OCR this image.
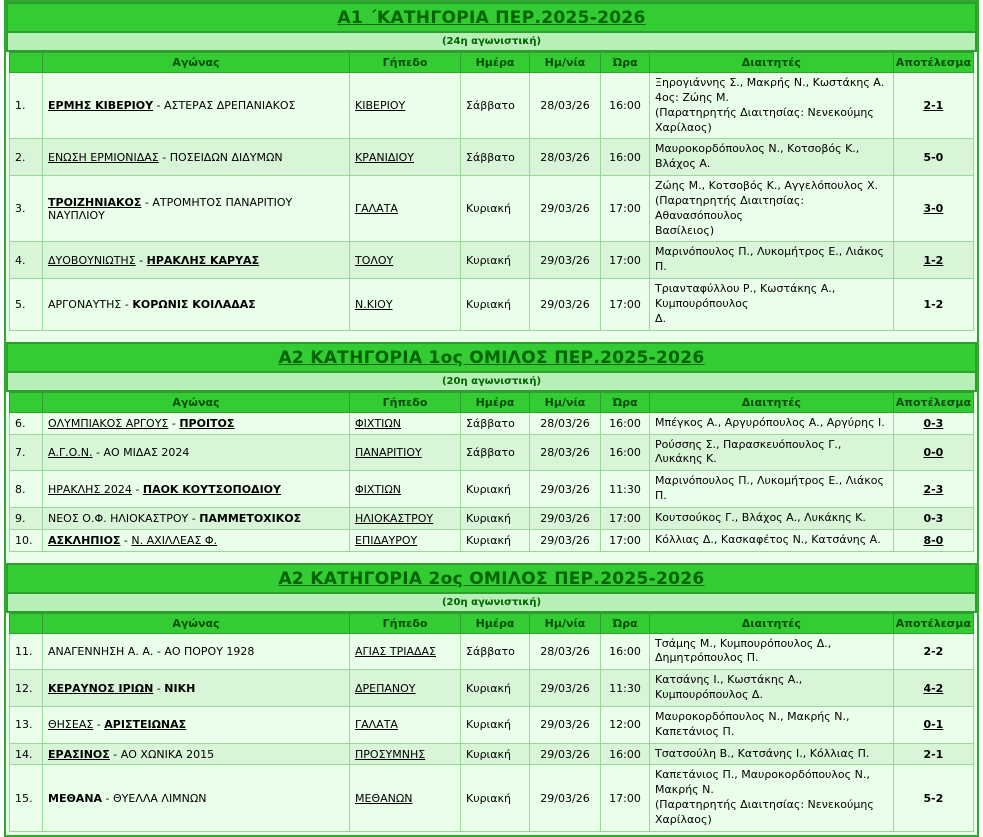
Α1 ΄ΚΑΤΗΓΟΡΙΑ ΠΕΡ.2025-2026
(24η αγωνιστική)
	Αγώνας	Γήπεδο	Ημέρα	Ημ/νία	Ώρα	Διαιτητές	Αποτέλεσμα
1.	ΕΡΜΗΣ ΚΙΒΕΡΙΟΥ - ΑΣΤΕΡΑΣ ΔΡΕΠΑΝΙΑΚΟΣ	ΚΙΒΕΡΙΟΥ	Σάββατο	28/03/26	16:00	Ξηρογιάννης Σ., Μακρής Ν., Κωστάκης Α.
4ος: Ζώης Μ.
(Παρατηρητής Διαιτησίας: Νενεκούμης Χαρίλαος)	2-1
2.	ΕΝΩΣΗ ΕΡΜΙΟΝΙΔΑΣ - ΠΟΣΕΙΔΩΝ ΔΙΔΥΜΩΝ	ΚΡΑΝΙΔΙΟΥ	Σάββατο	28/03/26	16:00	Μαυροκορδόπουλος Ν., Κοτσοβός Κ., Βλάχος Α.	5-0
3.	ΤΡΟΙΖΗΝΙΑΚΟΣ - ΑΤΡΟΜΗΤΟΣ ΠΑΝΑΡΙΤΙΟΥ ΝΑΥΠΛΙΟΥ	ΓΑΛΑΤΑ	Κυριακή	29/03/26	17:00	Ζώης Μ., Κοτσοβός Κ., Αγγελόπουλος Χ.
(Παρατηρητής Διαιτησίας: Αθανασόπουλος
Βασίλειος)	3-0
4.	ΔΥΟΒΟΥΝΙΩΤΗΣ - ΗΡΑΚΛΗΣ ΚΑΡΥΑΣ	ΤΟΛΟΥ	Κυριακή	29/03/26	17:00	Μαρινόπουλος Π., Λυκομήτρος Ε., Λιάκος Π.	1-2
5.	ΑΡΓΟΝΑΥΤΗΣ - ΚΟΡΩΝΙΣ ΚΟΙΛΑΔΑΣ	Ν.ΚΙΟΥ	Κυριακή	29/03/26	17:00	Τριανταφύλλου Ρ., Κωστάκης Α., Κυμπουρόπουλος
Δ.	1-2
Α2 ΚΑΤΗΓΟΡΙΑ 1ος ΟΜΙΛΟΣ ΠΕΡ.2025-2026
(20η αγωνιστική)
	Αγώνας	Γήπεδο	Ημέρα	Ημ/νία	Ώρα	Διαιτητές	Αποτέλεσμα
6.	ΟΛΥΜΠΙΑΚΟΣ ΑΡΓΟΥΣ - ΠΡΟΙΤΟΣ	ΦΙΧΤΙΩΝ	Σάββατο	28/03/26	16:00	Μπέγκος Α., Αργυρόπουλος Α., Αργύρης Ι.	0-3
7.	Α.Γ.Ο.Ν. - ΑΟ ΜΙΔΑΣ 2024	ΠΑΝΑΡΙΤΙΟΥ	Σάββατο	28/03/26	16:00	Ρούσσης Σ., Παρασκευόπουλος Γ., Λυκάκης Κ.	0-0
8.	ΗΡΑΚΛΗΣ 2024 - ΠΑΟΚ ΚΟΥΤΣΟΠΟΔΙΟΥ	ΦΙΧΤΙΩΝ	Κυριακή	29/03/26	11:30	Μαρινόπουλος Π., Λυκομήτρος Ε., Λιάκος Π.	2-3
9.	ΝΕΟΣ Ο.Φ. ΗΛΙΟΚΑΣΤΡΟΥ - ΠΑΜΜΕΤΟΧΙΚΟΣ	ΗΛΙΟΚΑΣΤΡΟΥ	Κυριακή	29/03/26	17:00	Κουτσούκος Γ., Βλάχος Α., Λυκάκης Κ.	0-3
10.	ΑΣΚΛΗΠΙΟΣ - Ν. ΑΧΙΛΛΕΑΣ Φ.	ΕΠΙΔΑΥΡΟΥ	Κυριακή	29/03/26	17:00	Κόλλιας Δ., Κασκαφέτος Ν., Κατσάνης Α.	8-0
Α2 ΚΑΤΗΓΟΡΙΑ 2ος ΟΜΙΛΟΣ ΠΕΡ.2025-2026
(20η αγωνιστική)
	Αγώνας	Γήπεδο	Ημέρα	Ημ/νία	Ώρα	Διαιτητές	Αποτέλεσμα
11.	ΑΝΑΓΕΝΝΗΣΗ Α. Α. - ΑΟ ΠΟΡΟΥ 1928	ΑΓΙΑΣ ΤΡΙΑΔΑΣ	Σάββατο	28/03/26	16:00	Τσάμης Μ., Κυμπουρόπουλος Δ., Δημητρόπουλος Π.	2-2
12.	ΚΕΡΑΥΝΟΣ ΙΡΙΩΝ - ΝΙΚΗ	ΔΡΕΠΑΝΟΥ	Κυριακή	29/03/26	11:30	Κατσάνης Ι., Κωστάκης Α., Κυμπουρόπουλος Δ.	4-2
13.	ΘΗΣΕΑΣ - ΑΡΙΣΤΕΙΩΝΑΣ	ΓΑΛΑΤΑ	Κυριακή	29/03/26	12:00	Μαυροκορδόπουλος Ν., Μακρής Ν., Καπετάνιος Π.	0-1
14.	ΕΡΑΣΙΝΟΣ - ΑΟ ΧΩΝΙΚΑ 2015	ΠΡΟΣΥΜΝΗΣ	Κυριακή	29/03/26	16:00	Τσατσούλη Β., Κατσάνης Ι., Κόλλιας Π.	2-1
15.	ΜΕΘΑΝΑ - ΘΥΕΛΛΑ ΛΙΜΝΩΝ	ΜΕΘΑΝΩΝ	Κυριακή	29/03/26	17:00	Καπετάνιος Π., Μαυροκορδόπουλος Ν., Μακρής Ν.
(Παρατηρητής Διαιτησίας: Νενεκούμης Χαρίλαος)	5-2
